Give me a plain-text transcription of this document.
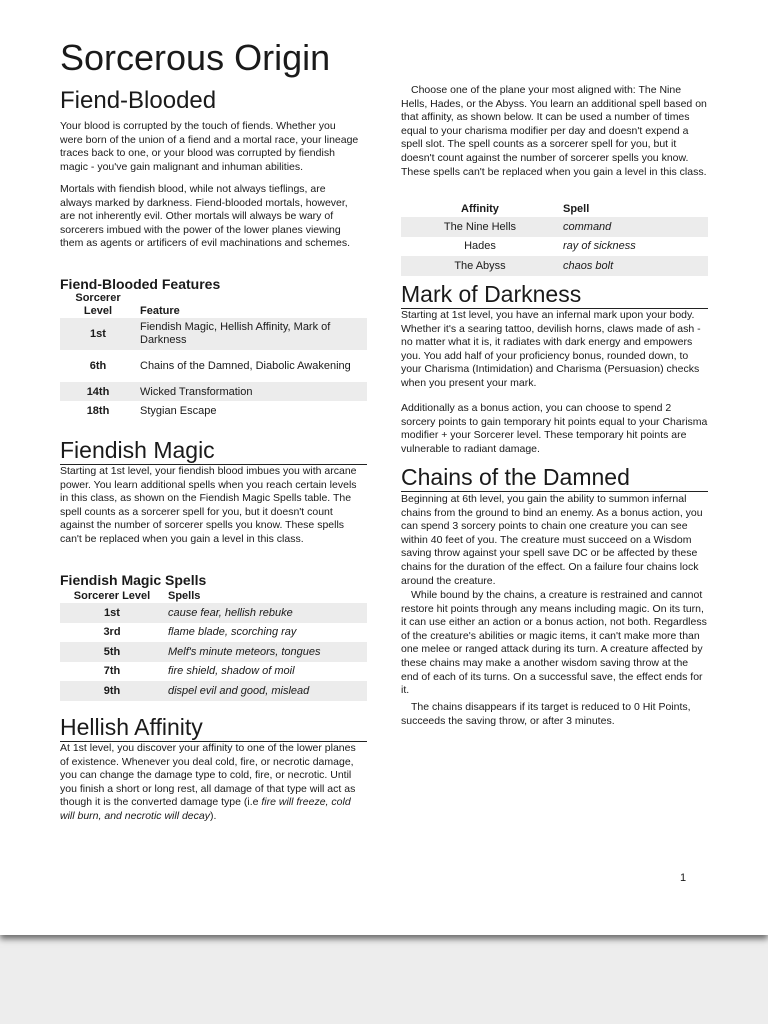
Sorcerous Origin
Fiend-Blooded

Your blood is corrupted by the touch of fiends. Whether you were born of the union of a fiend and a mortal race, your lineage traces back to one, or your blood was corrupted by fiendish magic - you've gain malignant and inhuman abilities.

Mortals with fiendish blood, while not always tieflings, are always marked by darkness. Fiend-blooded mortals, however, are not inherently evil. Other mortals will always be wary of sorcerers imbued with the power of the lower planes viewing them as agents or artificers of evil machinations and schemes.

Fiend-Blooded Features
Sorcerer Level	Feature
1st	Fiendish Magic, Hellish Affinity, Mark of Darkness
6th	Chains of the Damned, Diabolic Awakening
14th	Wicked Transformation
18th	Stygian Escape
Fiendish Magic

Starting at 1st level, your fiendish blood imbues you with arcane power. You learn additional spells when you reach certain levels in this class, as shown on the Fiendish Magic Spells table. The spell counts as a sorcerer spell for you, but it doesn't count against the number of sorcerer spells you know. These spells can't be replaced when you gain a level in this class.

Fiendish Magic Spells
Sorcerer Level	Spells
1st	cause fear, hellish rebuke
3rd	flame blade, scorching ray
5th	Melf's minute meteors, tongues
7th	fire shield, shadow of moil
9th	dispel evil and good, mislead
Hellish Affinity

At 1st level, you discover your affinity to one of the lower planes of existence. Whenever you deal cold, fire, or necrotic damage, you can change the damage type to cold, fire, or necrotic. Until you finish a short or long rest, all damage of that type will act as though it is the converted damage type (i.e fire will freeze, cold will burn, and necrotic will decay).

Choose one of the plane your most aligned with: The Nine Hells, Hades, or the Abyss. You learn an additional spell based on that affinity, as shown below. It can be used a number of times equal to your charisma modifier per day and doesn't expend a spell slot. The spell counts as a sorcerer spell for you, but it doesn't count against the number of sorcerer spells you know. These spells can't be replaced when you gain a level in this class.

Affinity	Spell
The Nine Hells	command
Hades	ray of sickness
The Abyss	chaos bolt
Mark of Darkness

Starting at 1st level, you have an infernal mark upon your body. Whether it's a searing tattoo, devilish horns, claws made of ash - no matter what it is, it radiates with dark energy and empowers you. You add half of your proficiency bonus, rounded down, to your Charisma (Intimidation) and Charisma (Persuasion) checks when you present your mark.

Additionally as a bonus action, you can choose to spend 2 sorcery points to gain temporary hit points equal to your Charisma modifier + your Sorcerer level. These temporary hit points are vulnerable to radiant damage.

Chains of the Damned

Beginning at 6th level, you gain the ability to summon infernal chains from the ground to bind an enemy. As a bonus action, you can spend 3 sorcery points to chain one creature you can see within 40 feet of you. The creature must succeed on a Wisdom saving throw against your spell save DC or be affected by these chains for the duration of the effect. On a failure four chains lock around the creature.

While bound by the chains, a creature is restrained and cannot restore hit points through any means including magic. On its turn, it can use either an action or a bonus action, not both. Regardless of the creature's abilities or magic items, it can't make more than one melee or ranged attack during its turn. A creature affected by these chains may make a another wisdom saving throw at the end of each of its turns. On a successful save, the effect ends for it.

The chains disappears if its target is reduced to 0 Hit Points, succeeds the saving throw, or after 3 minutes.

1
